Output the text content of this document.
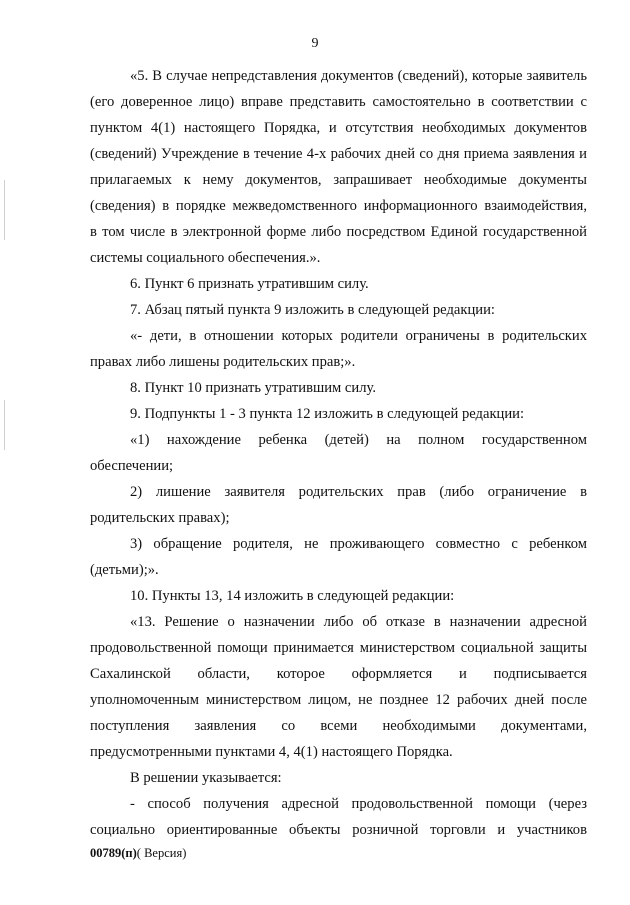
9

«5. В случае непредставления документов (сведений), которые заявитель

(его доверенное лицо) вправе представить самостоятельно в соответствии с

пунктом 4(1) настоящего Порядка, и отсутствия необходимых документов

(сведений) Учреждение в течение 4-х рабочих дней со дня приема заявления и

прилагаемых к нему документов, запрашивает необходимые документы

(сведения) в порядке межведомственного информационного взаимодействия,

в том числе в электронной форме либо посредством Единой государственной

системы социального обеспечения.».

6. Пункт 6 признать утратившим силу.

7. Абзац пятый пункта 9 изложить в следующей редакции:

«- дети, в отношении которых родители ограничены в родительских

правах либо лишены родительских прав;».

8. Пункт 10 признать утратившим силу.

9. Подпункты 1 - 3 пункта 12 изложить в следующей редакции:

«1) нахождение ребенка (детей) на полном государственном

обеспечении;

2) лишение заявителя родительских прав (либо ограничение в

родительских правах);

3) обращение родителя, не проживающего совместно с ребенком

(детьми);».

10. Пункты 13, 14 изложить в следующей редакции:

«13. Решение о назначении либо об отказе в назначении адресной

продовольственной помощи принимается министерством социальной защиты

Сахалинской области, которое оформляется и подписывается

уполномоченным министерством лицом, не позднее 12 рабочих дней после

поступления заявления со всеми необходимыми документами,

предусмотренными пунктами 4, 4(1) настоящего Порядка.

В решении указывается:

- способ получения адресной продовольственной помощи (через

социально ориентированные объекты розничной торговли и участников

00789(п)( Версия)
